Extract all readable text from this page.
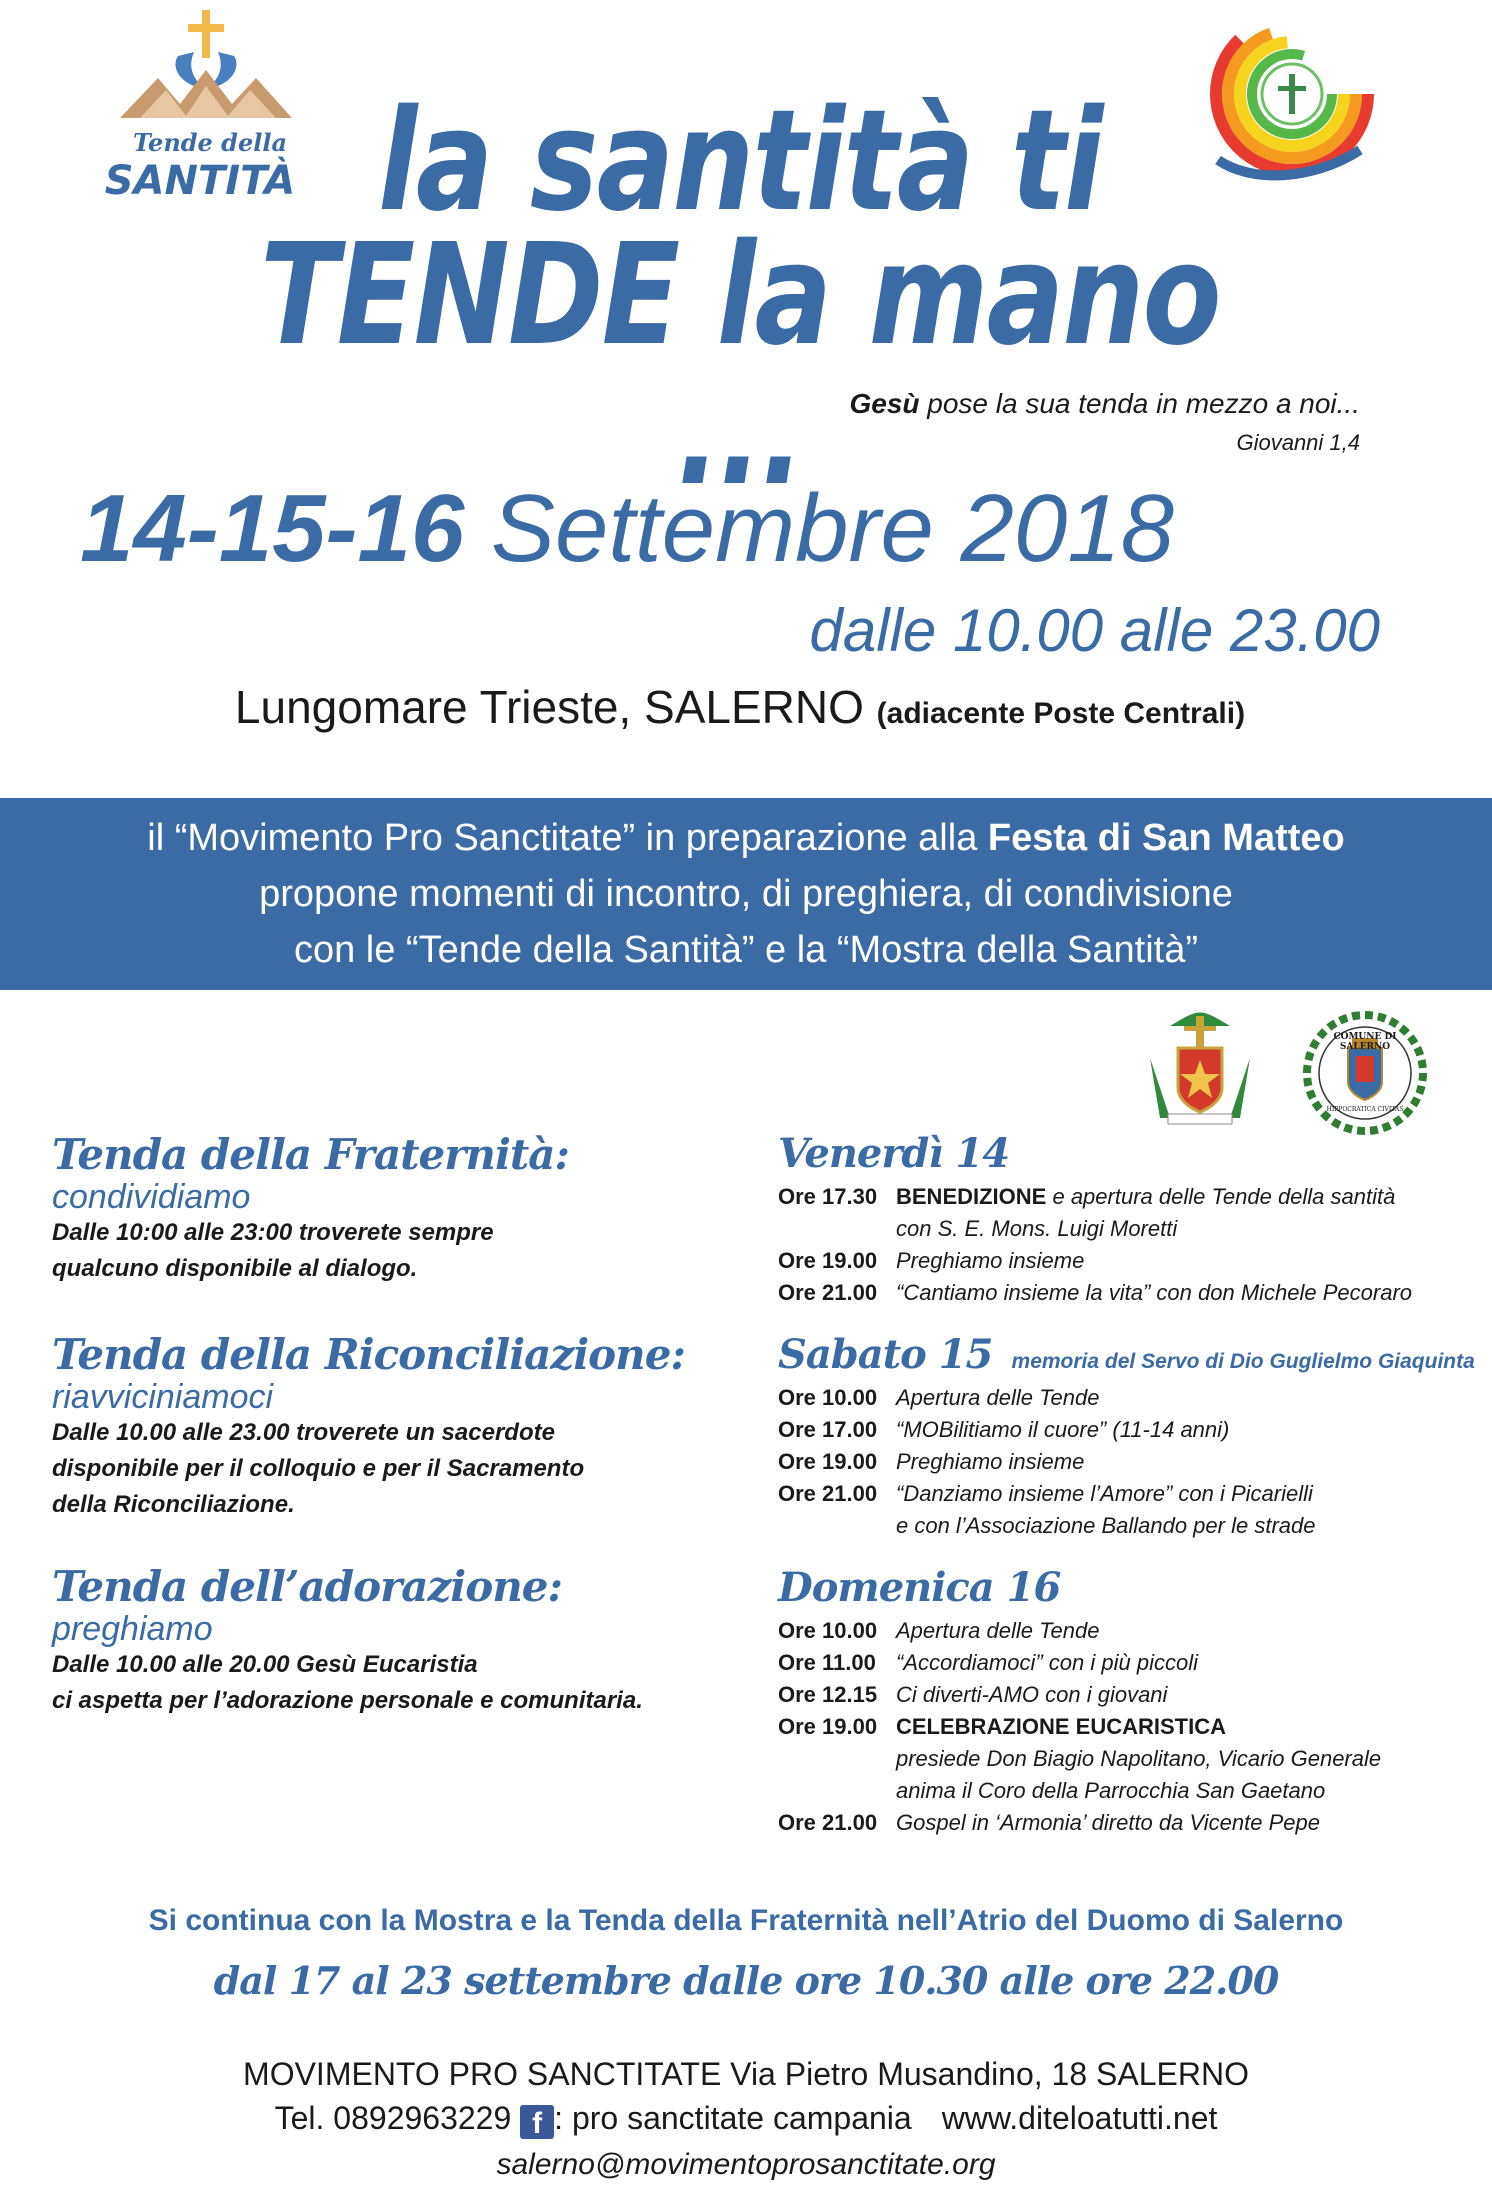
Tende della
SANTITÀ la santità ti
TENDE la mano ...	Gesù pose la sua tenda in mezzo a noi...
Giovanni 1,4
14-15-16 Settembre 2018
dalle 10.00 alle 23.00
Lungomare Trieste, SALERNO (adiacente Poste Centrali)
il “Movimento Pro Sanctitate” in preparazione alla Festa di San Matteo
propone momenti di incontro, di preghiera, di condivisione
con le “Tende della Santità” e la “Mostra della Santità”
COMUNE DI SALERNO
HIPPOCRATICA CIVITAS
Tenda della Fraternità:
condividiamo
Dalle 10:00 alle 23:00 troverete sempre
qualcuno disponibile al dialogo.
Tenda della Riconciliazione:
riavviciniamoci
Dalle 10.00 alle 23.00 troverete un sacerdote
disponibile per il colloquio e per il Sacramento
della Riconciliazione.
Tenda dell’adorazione:
preghiamo
Dalle 10.00 alle 20.00 Gesù Eucaristia
ci aspetta per l’adorazione personale e comunitaria.
Venerdì 14
Ore 17.30 BENEDIZIONE e apertura delle Tende della santità
con S. E. Mons. Luigi Moretti
Ore 19.00 Preghiamo insieme
Ore 21.00 “Cantiamo insieme la vita” con don Michele Pecoraro
Sabato 15 memoria del Servo di Dio Guglielmo Giaquinta
Ore 10.00 Apertura delle Tende
Ore 17.00 “MOBilitiamo il cuore” (11-14 anni)
Ore 19.00 Preghiamo insieme
Ore 21.00 “Danziamo insieme l’Amore” con i Picarielli
e con l’Associazione Ballando per le strade
Domenica 16
Ore 10.00 Apertura delle Tende
Ore 11.00 “Accordiamoci” con i più piccoli
Ore 12.15 Ci diverti-AMO con i giovani
Ore 19.00 CELEBRAZIONE EUCARISTICA
presiede Don Biagio Napolitano, Vicario Generale
anima il Coro della Parrocchia San Gaetano
Ore 21.00 Gospel in ‘Armonia’ diretto da Vicente Pepe
Si continua con la Mostra e la Tenda della Fraternità nell’Atrio del Duomo di Salerno
dal 17 al 23 settembre dalle ore 10.30 alle ore 22.00
MOVIMENTO PRO SANCTITATE Via Pietro Musandino, 18 SALERNO
Tel. 0892963229 f : pro sanctitate campania www.diteloatutti.net
salerno@movimentoprosanctitate.org
